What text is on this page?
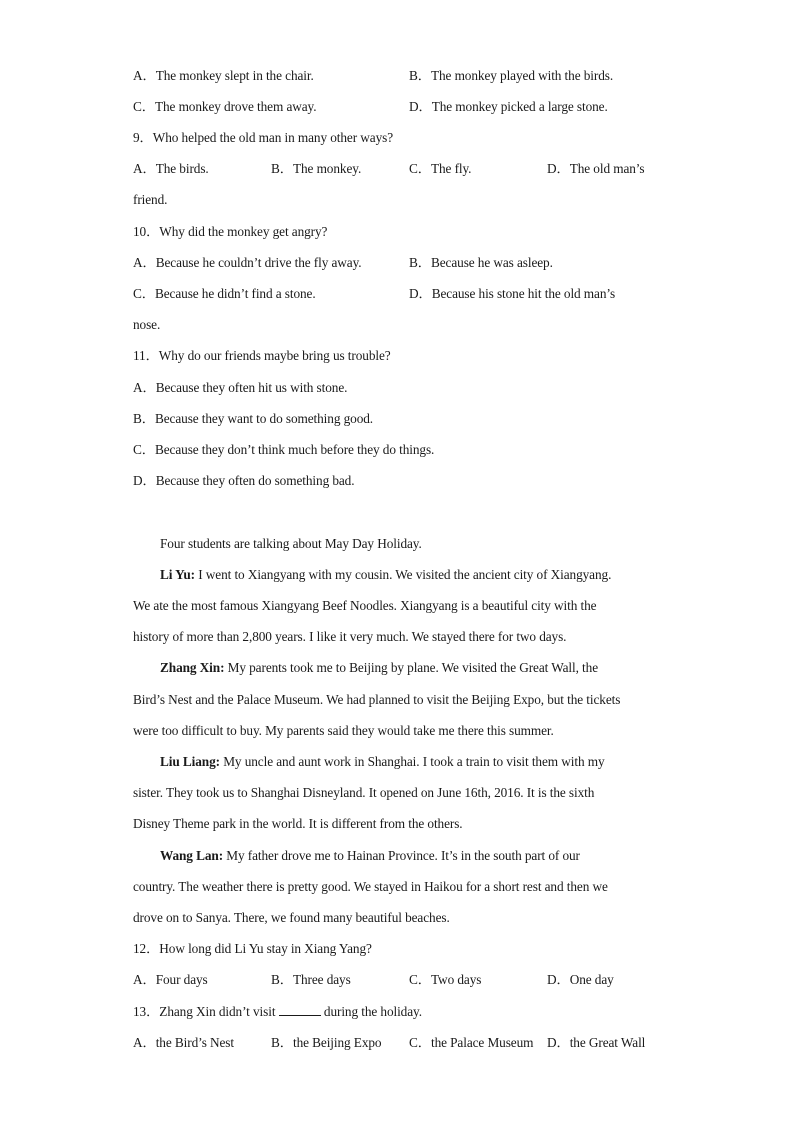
A．The monkey slept in the chair.	B．The monkey played with the birds.
C．The monkey drove them away.	D．The monkey picked a large stone.
9．Who helped the old man in many other ways?
A．The birds.	B．The monkey.	C．The fly.	D．The old man’s
friend.
10．Why did the monkey get angry?
A．Because he couldn’t drive the fly away.	B．Because he was asleep.
C．Because he didn’t find a stone.	D．Because his stone hit the old man’s
nose.
11．Why do our friends maybe bring us trouble?
A．Because they often hit us with stone.
B．Because they want to do something good.
C．Because they don’t think much before they do things.
D．Because they often do something bad.
Four students are talking about May Day Holiday.
Li Yu: I went to Xiangyang with my cousin. We visited the ancient city of Xiangyang.
We ate the most famous Xiangyang Beef Noodles. Xiangyang is a beautiful city with the
history of more than 2,800 years. I like it very much. We stayed there for two days.
Zhang Xin: My parents took me to Beijing by plane. We visited the Great Wall, the
Bird’s Nest and the Palace Museum. We had planned to visit the Beijing Expo, but the tickets
were too difficult to buy. My parents said they would take me there this summer.
Liu Liang: My uncle and aunt work in Shanghai. I took a train to visit them with my
sister. They took us to Shanghai Disneyland. It opened on June 16th, 2016. It is the sixth
Disney Theme park in the world. It is different from the others.
Wang Lan: My father drove me to Hainan Province. It’s in the south part of our
country. The weather there is pretty good. We stayed in Haikou for a short rest and then we
drove on to Sanya. There, we found many beautiful beaches.
12．How long did Li Yu stay in Xiang Yang?
A．Four days	B．Three days	C．Two days	D．One day
13．Zhang Xin didn’t visit	during the holiday.
A．the Bird’s Nest	B．the Beijing Expo C．the Palace Museum D．the Great Wall
